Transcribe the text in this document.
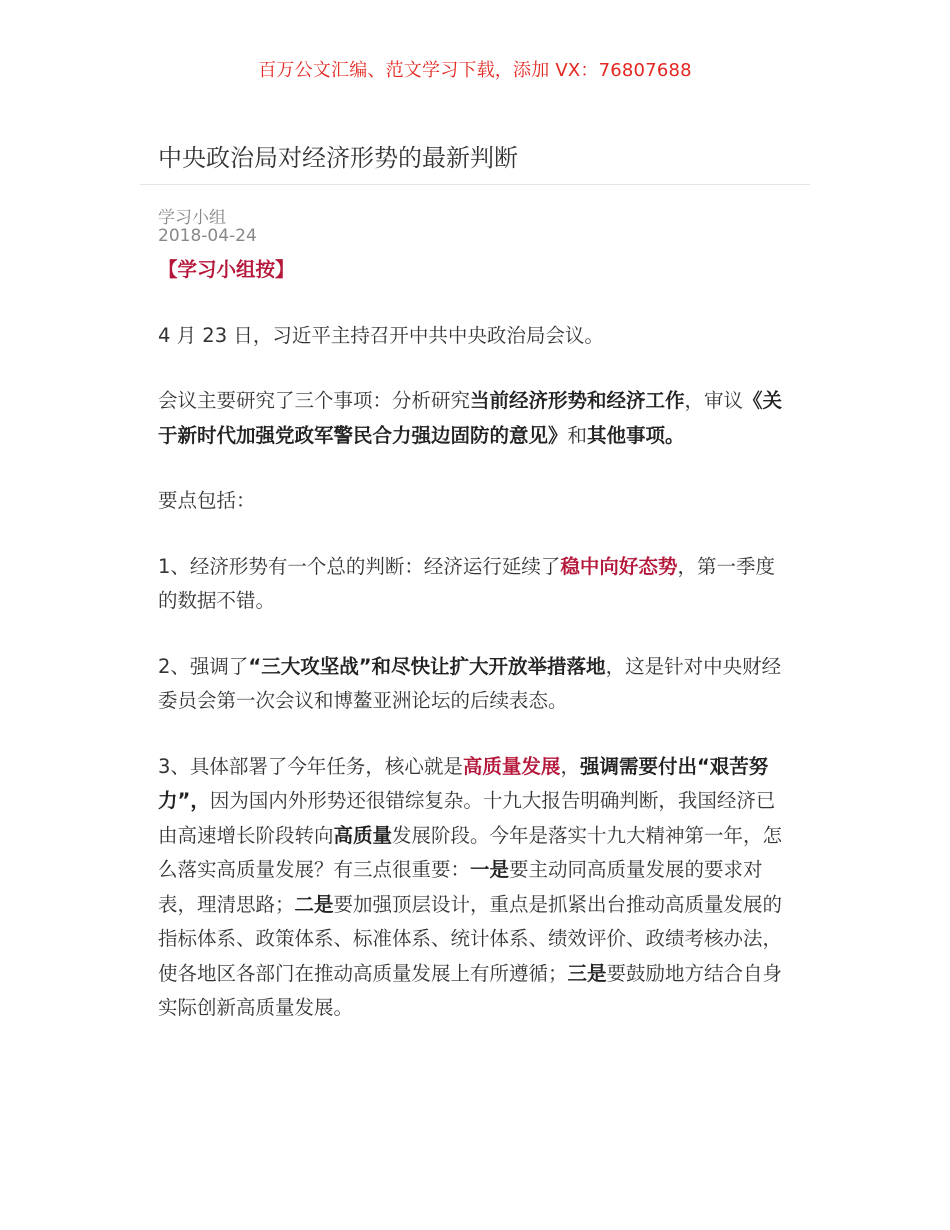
百万公文汇编、范文学习下载，添加 VX：76807688
中央政治局对经济形势的最新判断
学习小组
2018-04-24

【学习小组按】

4 月 23 日，习近平主持召开中共中央政治局会议。

会议主要研究了三个事项：分析研究当前经济形势和经济工作，审议《关于新时代加强党政军警民合力强边固防的意见》和其他事项。

要点包括：

1、经济形势有一个总的判断：经济运行延续了稳中向好态势，第一季度的数据不错。

2、强调了“三大攻坚战”和尽快让扩大开放举措落地，这是针对中央财经委员会第一次会议和博鳌亚洲论坛的后续表态。

3、具体部署了今年任务，核心就是高质量发展，强调需要付出“艰苦努力”，因为国内外形势还很错综复杂。十九大报告明确判断，我国经济已由高速增长阶段转向高质量发展阶段。今年是落实十九大精神第一年，怎么落实高质量发展？有三点很重要：一是要主动同高质量发展的要求对表，理清思路；二是要加强顶层设计，重点是抓紧出台推动高质量发展的指标体系、政策体系、标准体系、统计体系、绩效评价、政绩考核办法，使各地区各部门在推动高质量发展上有所遵循；三是要鼓励地方结合自身实际创新高质量发展。
